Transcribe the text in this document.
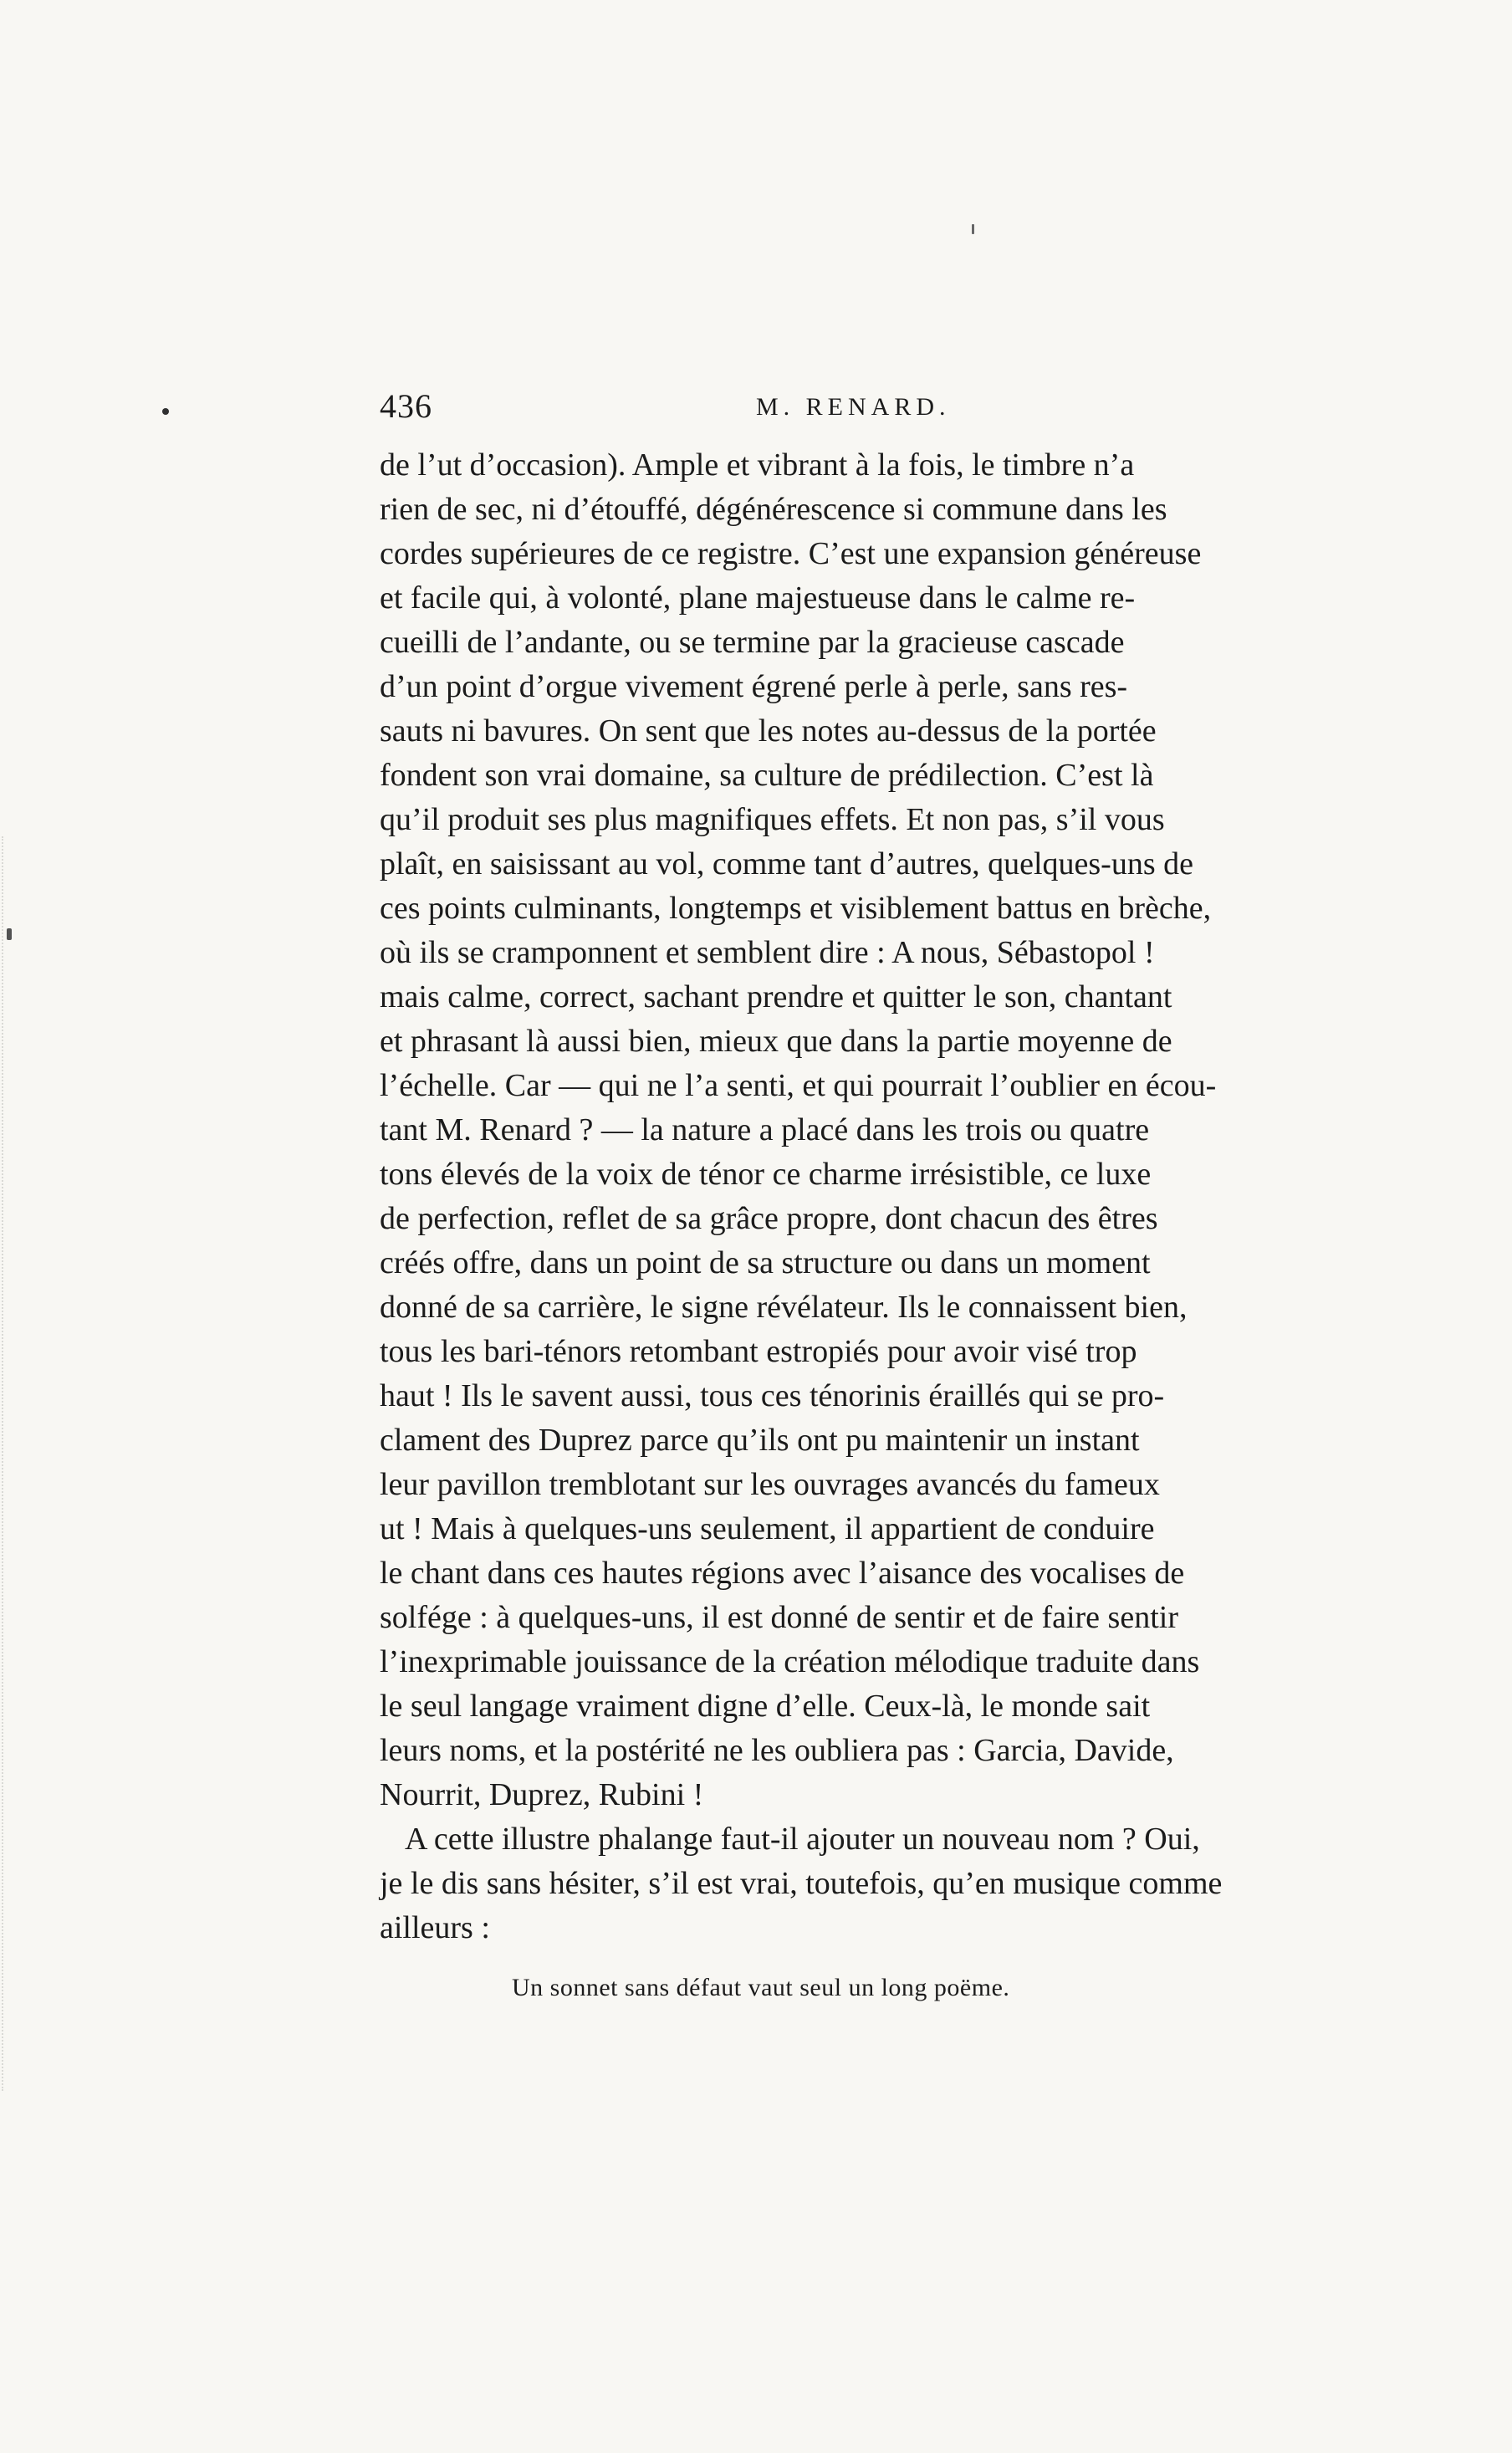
436	M. RENARD.
de l’ut d’occasion). Ample et vibrant à la fois, le timbre n’a
rien de sec, ni d’étouffé, dégénérescence si commune dans les
cordes supérieures de ce registre. C’est une expansion généreuse
et facile qui, à volonté, plane majestueuse dans le calme re-
cueilli de l’andante, ou se termine par la gracieuse cascade
d’un point d’orgue vivement égrené perle à perle, sans res-
sauts ni bavures. On sent que les notes au-dessus de la portée
fondent son vrai domaine, sa culture de prédilection. C’est là
qu’il produit ses plus magnifiques effets. Et non pas, s’il vous
plaît, en saisissant au vol, comme tant d’autres, quelques-uns de
ces points culminants, longtemps et visiblement battus en brèche,
où ils se cramponnent et semblent dire : A nous, Sébastopol !
mais calme, correct, sachant prendre et quitter le son, chantant
et phrasant là aussi bien, mieux que dans la partie moyenne de
l’échelle. Car — qui ne l’a senti, et qui pourrait l’oublier en écou-
tant M. Renard ? — la nature a placé dans les trois ou quatre
tons élevés de la voix de ténor ce charme irrésistible, ce luxe
de perfection, reflet de sa grâce propre, dont chacun des êtres
créés offre, dans un point de sa structure ou dans un moment
donné de sa carrière, le signe révélateur. Ils le connaissent bien,
tous les bari-ténors retombant estropiés pour avoir visé trop
haut ! Ils le savent aussi, tous ces ténorinis éraillés qui se pro-
clament des Duprez parce qu’ils ont pu maintenir un instant
leur pavillon tremblotant sur les ouvrages avancés du fameux
ut ! Mais à quelques-uns seulement, il appartient de conduire
le chant dans ces hautes régions avec l’aisance des vocalises de
solfége : à quelques-uns, il est donné de sentir et de faire sentir
l’inexprimable jouissance de la création mélodique traduite dans
le seul langage vraiment digne d’elle. Ceux-là, le monde sait
leurs noms, et la postérité ne les oubliera pas : Garcia, Davide,
Nourrit, Duprez, Rubini !
A cette illustre phalange faut-il ajouter un nouveau nom ? Oui,
je le dis sans hésiter, s’il est vrai, toutefois, qu’en musique comme
ailleurs :
Un sonnet sans défaut vaut seul un long poëme.
